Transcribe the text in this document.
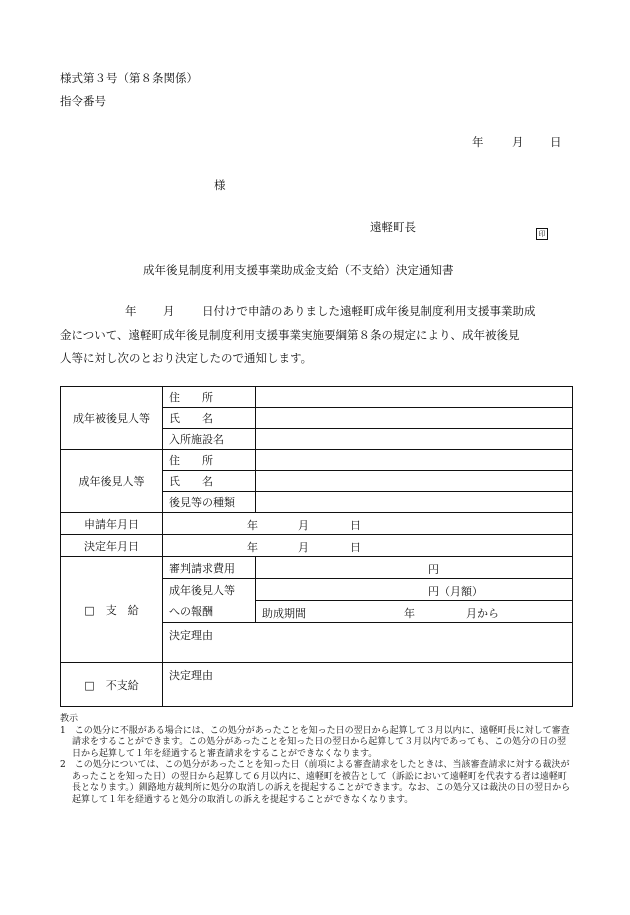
様式第３号（第８条関係）
指令番号
年 月 日
様
遠軽町長	印
成年後見制度利用支援事業助成金支給（不支給）決定通知書
年 月 日付けで申請のありました遠軽町成年後見制度利用支援事業助成
金について、遠軽町成年後見制度利用支援事業実施要綱第８条の規定により、成年被後見
人等に対し次のとおり決定したので通知します。
成年被後見人等	住　　所	
	氏　　名	
	入所施設名	
成年後見人等	住　　所	
	氏　　名	
	後見等の種類	
申請年月日	年 月 日	

決定年月日	年 月 日	

□　支　給	審判請求費用	円

	成年後見人等	円（月額）

	への報酬	助成期間 年 月から

	決定理由	
□　不支給	決定理由	
教示
1　この処分に不服がある場合には、この処分があったことを知った日の翌日から起算して３月以内に、遠軽町長に対して審査請求をすることができます。この処分があったことを知った日の翌日から起算して３月以内であっても、この処分の日の翌日から起算して１年を経過すると審査請求をすることができなくなります。
2　この処分については、この処分があったことを知った日（前項による審査請求をしたときは、当該審査請求に対する裁決があったことを知った日）の翌日から起算して６月以内に、遠軽町を被告として（訴訟において遠軽町を代表する者は遠軽町長となります。）釧路地方裁判所に処分の取消しの訴えを提起することができます。なお、この処分又は裁決の日の翌日から起算して１年を経過すると処分の取消しの訴えを提起することができなくなります。
